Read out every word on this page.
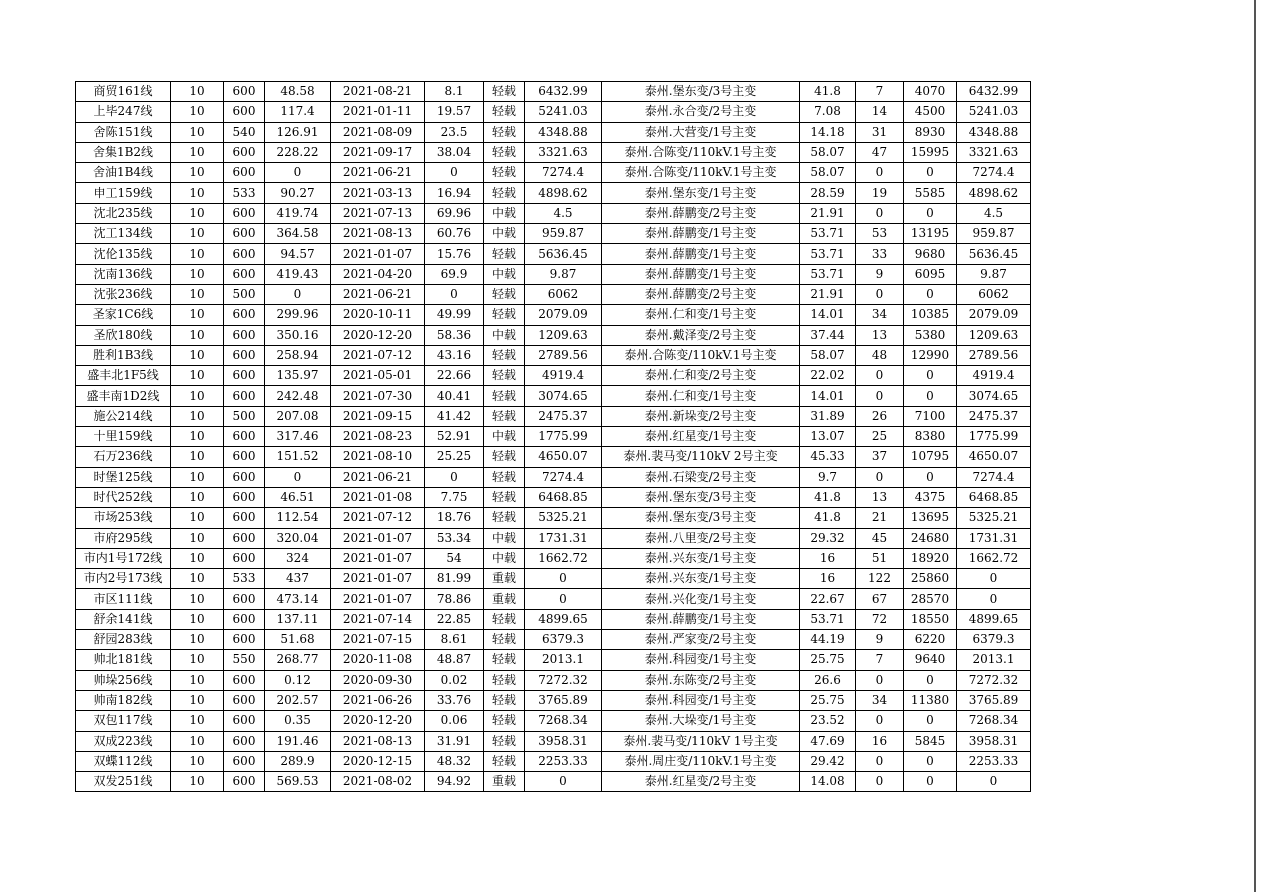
商贸161线	10	600	48.58	2021-08-21	8.1	轻载	6432.99	泰州.堡东变/3号主变	41.8	7	4070	6432.99
上毕247线	10	600	117.4	2021-01-11	19.57	轻载	5241.03	泰州.永合变/2号主变	7.08	14	4500	5241.03
舍陈151线	10	540	126.91	2021-08-09	23.5	轻载	4348.88	泰州.大营变/1号主变	14.18	31	8930	4348.88
舍集1B2线	10	600	228.22	2021-09-17	38.04	轻载	3321.63	泰州.合陈变/110kV.1号主变	58.07	47	15995	3321.63
舍油1B4线	10	600	0	2021-06-21	0	轻载	7274.4	泰州.合陈变/110kV.1号主变	58.07	0	0	7274.4
申工159线	10	533	90.27	2021-03-13	16.94	轻载	4898.62	泰州.堡东变/1号主变	28.59	19	5585	4898.62
沈北235线	10	600	419.74	2021-07-13	69.96	中载	4.5	泰州.薛鹏变/2号主变	21.91	0	0	4.5
沈工134线	10	600	364.58	2021-08-13	60.76	中载	959.87	泰州.薛鹏变/1号主变	53.71	53	13195	959.87
沈伦135线	10	600	94.57	2021-01-07	15.76	轻载	5636.45	泰州.薛鹏变/1号主变	53.71	33	9680	5636.45
沈南136线	10	600	419.43	2021-04-20	69.9	中载	9.87	泰州.薛鹏变/1号主变	53.71	9	6095	9.87
沈张236线	10	500	0	2021-06-21	0	轻载	6062	泰州.薛鹏变/2号主变	21.91	0	0	6062
圣家1C6线	10	600	299.96	2020-10-11	49.99	轻载	2079.09	泰州.仁和变/1号主变	14.01	34	10385	2079.09
圣欣180线	10	600	350.16	2020-12-20	58.36	中载	1209.63	泰州.戴泽变/2号主变	37.44	13	5380	1209.63
胜利1B3线	10	600	258.94	2021-07-12	43.16	轻载	2789.56	泰州.合陈变/110kV.1号主变	58.07	48	12990	2789.56
盛丰北1F5线	10	600	135.97	2021-05-01	22.66	轻载	4919.4	泰州.仁和变/2号主变	22.02	0	0	4919.4
盛丰南1D2线	10	600	242.48	2021-07-30	40.41	轻载	3074.65	泰州.仁和变/1号主变	14.01	0	0	3074.65
施公214线	10	500	207.08	2021-09-15	41.42	轻载	2475.37	泰州.新垛变/2号主变	31.89	26	7100	2475.37
十里159线	10	600	317.46	2021-08-23	52.91	中载	1775.99	泰州.红星变/1号主变	13.07	25	8380	1775.99
石万236线	10	600	151.52	2021-08-10	25.25	轻载	4650.07	泰州.裴马变/110kV 2号主变	45.33	37	10795	4650.07
时堡125线	10	600	0	2021-06-21	0	轻载	7274.4	泰州.石梁变/2号主变	9.7	0	0	7274.4
时代252线	10	600	46.51	2021-01-08	7.75	轻载	6468.85	泰州.堡东变/3号主变	41.8	13	4375	6468.85
市场253线	10	600	112.54	2021-07-12	18.76	轻载	5325.21	泰州.堡东变/3号主变	41.8	21	13695	5325.21
市府295线	10	600	320.04	2021-01-07	53.34	中载	1731.31	泰州.八里变/2号主变	29.32	45	24680	1731.31
市内1号172线	10	600	324	2021-01-07	54	中载	1662.72	泰州.兴东变/1号主变	16	51	18920	1662.72
市内2号173线	10	533	437	2021-01-07	81.99	重载	0	泰州.兴东变/1号主变	16	122	25860	0
市区111线	10	600	473.14	2021-01-07	78.86	重载	0	泰州.兴化变/1号主变	22.67	67	28570	0
舒余141线	10	600	137.11	2021-07-14	22.85	轻载	4899.65	泰州.薛鹏变/1号主变	53.71	72	18550	4899.65
舒园283线	10	600	51.68	2021-07-15	8.61	轻载	6379.3	泰州.严家变/2号主变	44.19	9	6220	6379.3
帅北181线	10	550	268.77	2020-11-08	48.87	轻载	2013.1	泰州.科园变/1号主变	25.75	7	9640	2013.1
帅垛256线	10	600	0.12	2020-09-30	0.02	轻载	7272.32	泰州.东陈变/2号主变	26.6	0	0	7272.32
帅南182线	10	600	202.57	2021-06-26	33.76	轻载	3765.89	泰州.科园变/1号主变	25.75	34	11380	3765.89
双包117线	10	600	0.35	2020-12-20	0.06	轻载	7268.34	泰州.大垛变/1号主变	23.52	0	0	7268.34
双成223线	10	600	191.46	2021-08-13	31.91	轻载	3958.31	泰州.裴马变/110kV 1号主变	47.69	16	5845	3958.31
双蝶112线	10	600	289.9	2020-12-15	48.32	轻载	2253.33	泰州.周庄变/110kV.1号主变	29.42	0	0	2253.33
双发251线	10	600	569.53	2021-08-02	94.92	重载	0	泰州.红星变/2号主变	14.08	0	0	0
